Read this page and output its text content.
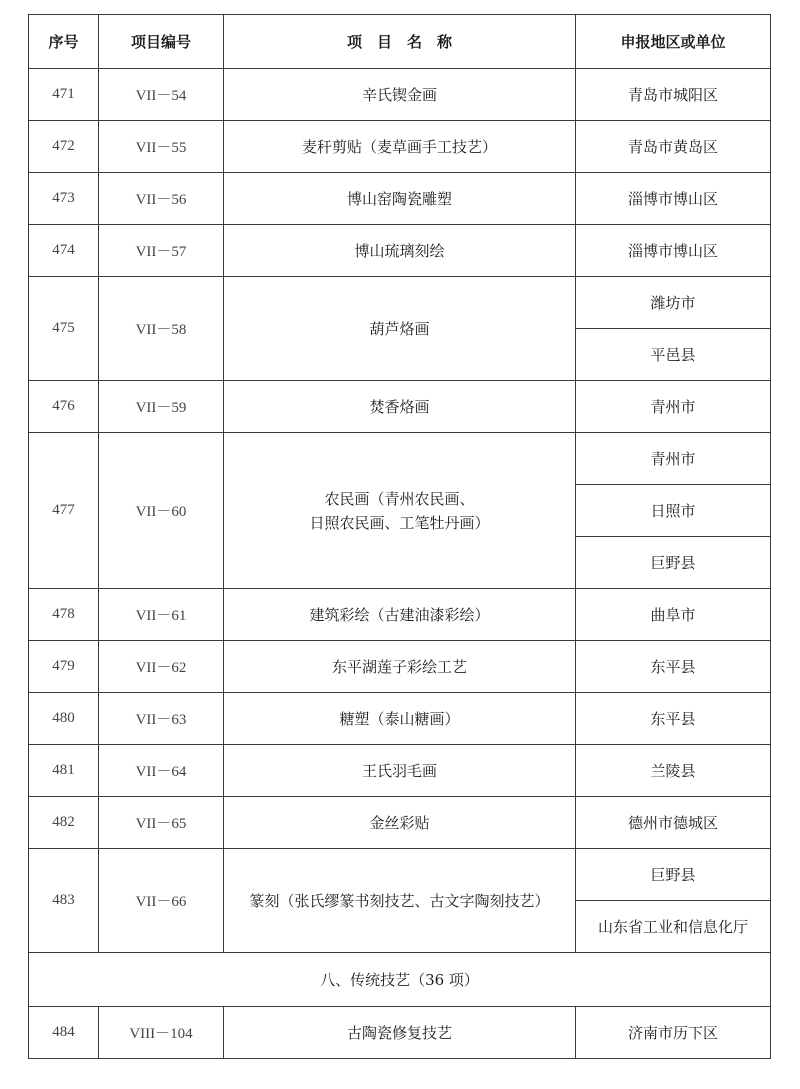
序号	项目编号	项　目　名　称	申报地区或单位
471	VII－54	辛氏锲金画	青岛市城阳区
472	VII－55	麦秆剪贴（麦草画手工技艺）	青岛市黄岛区
473	VII－56	博山窑陶瓷雕塑	淄博市博山区
474	VII－57	博山琉璃刻绘	淄博市博山区
475	VII－58	葫芦烙画	潍坊市
			平邑县
476	VII－59	焚香烙画	青州市
477	VII－60	农民画（青州农民画、
日照农民画、工笔牡丹画）	青州市
			日照市
			巨野县
478	VII－61	建筑彩绘（古建油漆彩绘）	曲阜市
479	VII－62	东平湖莲子彩绘工艺	东平县
480	VII－63	糖塑（泰山糖画）	东平县
481	VII－64	王氏羽毛画	兰陵县
482	VII－65	金丝彩贴	德州市德城区
483	VII－66	篆刻（张氏缪篆书刻技艺、古文字陶刻技艺）	巨野县
			山东省工业和信息化厅
八、传统技艺（36 项）			
484	VIII－104	古陶瓷修复技艺	济南市历下区
